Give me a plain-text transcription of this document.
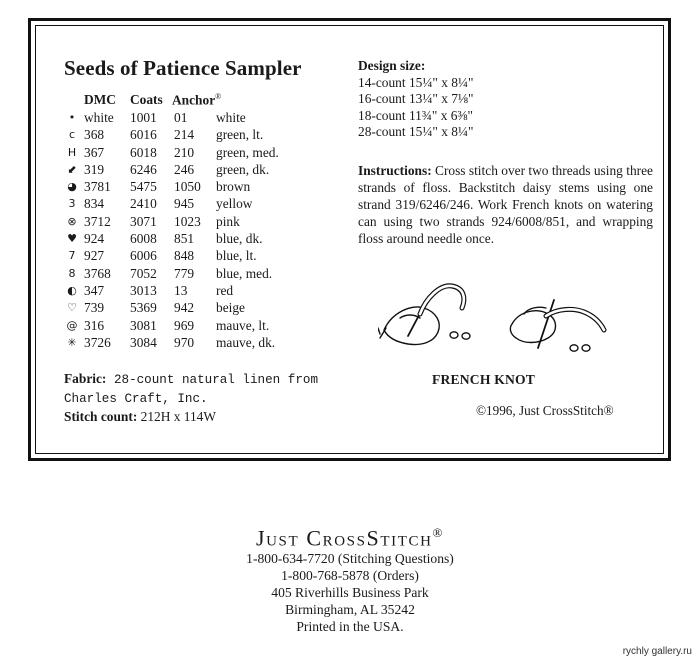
Seeds of Patience Sampler
DMC Coats Anchor®
• white 1001 01 white
c 368 6016 214 green, lt.
H 367 6018 210 green, med.
⬋ 319 6246 246 green, dk.
◕ 3781 5475 1050 brown
3 834 2410 945 yellow
⊗ 3712 3071 1023 pink
♥ 924 6008 851 blue, dk.
7 927 6006 848 blue, lt.
8 3768 7052 779 blue, med.
◐ 347 3013 13 red
♡ 739 5369 942 beige
@ 316 3081 969 mauve, lt.
✳ 3726 3084 970 mauve, dk.
Fabric: 28-count natural linen from Charles Craft, Inc.
Stitch count: 212H x 114W
Design size:
14-count 15¼" x 8¼"
16-count 13¼" x 7⅛"
18-count 11¾" x 6⅜"
28-count 15¼" x 8¼"
Instructions: Cross stitch over two threads using three strands of floss. Backstitch daisy stems using one strand 319/6246/246. Work French knots on watering can using two strands 924/6008/851, and wrapping floss around needle once.
FRENCH KNOT
©1996, Just CrossStitch®
Just CrossStitch®
1-800-634-7720 (Stitching Questions)
1-800-768-5878 (Orders)
405 Riverhills Business Park
Birmingham, AL 35242
Printed in the USA.
rychly gallery.ru
